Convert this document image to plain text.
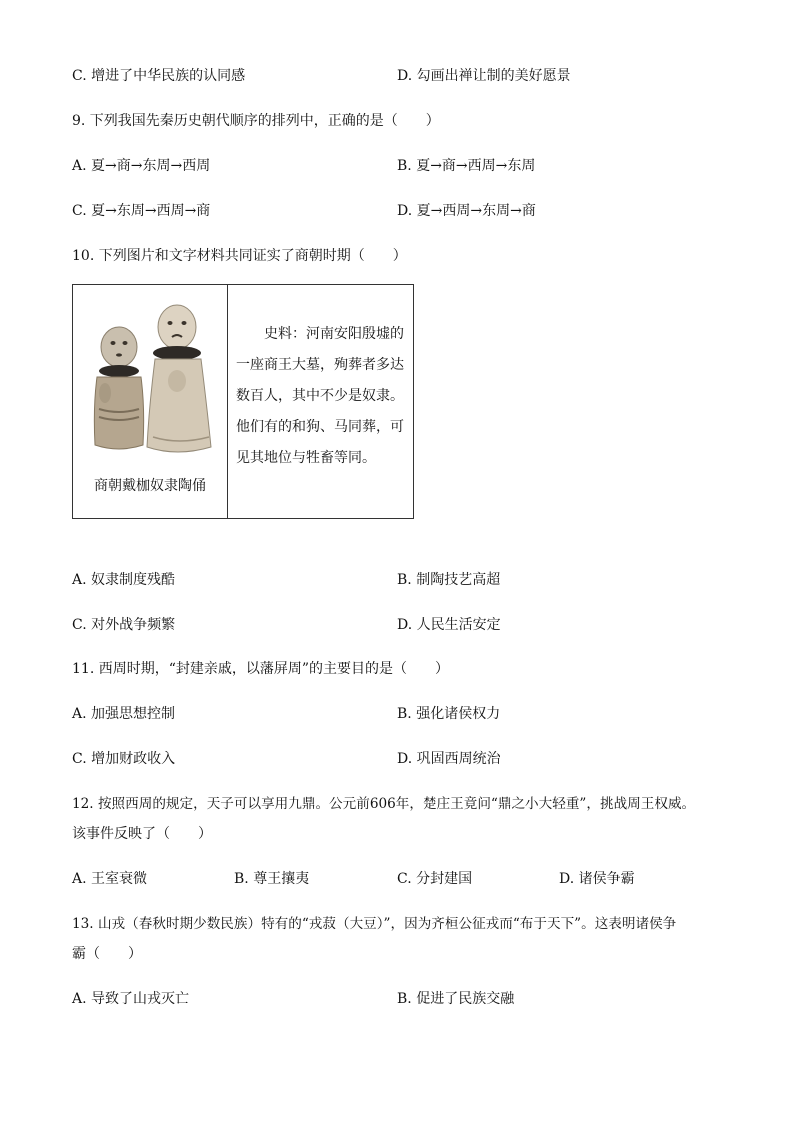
C. 增进了中华民族的认同感	D. 勾画出禅让制的美好愿景
9. 下列我国先秦历史朝代顺序的排列中，正确的是（　　）
A. 夏→商→东周→西周	B. 夏→商→西周→东周
C. 夏→东周→西周→商	D. 夏→西周→东周→商
10. 下列图片和文字材料共同证实了商朝时期（　　）
商朝戴枷奴隶陶俑
　　史料：河南安阳殷墟的
一座商王大墓，殉葬者多达
数百人，其中不少是奴隶。
他们有的和狗、马同葬，可
见其地位与牲畜等同。
A. 奴隶制度残酷	B. 制陶技艺高超
C. 对外战争频繁	D. 人民生活安定
11. 西周时期，“封建亲戚，以藩屏周”的主要目的是（　　）
A. 加强思想控制	B. 强化诸侯权力
C. 增加财政收入	D. 巩固西周统治
12. 按照西周的规定，天子可以享用九鼎。公元前606年，楚庄王竟问“鼎之小大轻重”，挑战周王权威。
该事件反映了（　　）
A. 王室衰微	B. 尊王攘夷	C. 分封建国	D. 诸侯争霸
13. 山戎（春秋时期少数民族）特有的“戎菽（大豆）”，因为齐桓公征戎而“布于天下”。这表明诸侯争
霸（　　）
A. 导致了山戎灭亡	B. 促进了民族交融
